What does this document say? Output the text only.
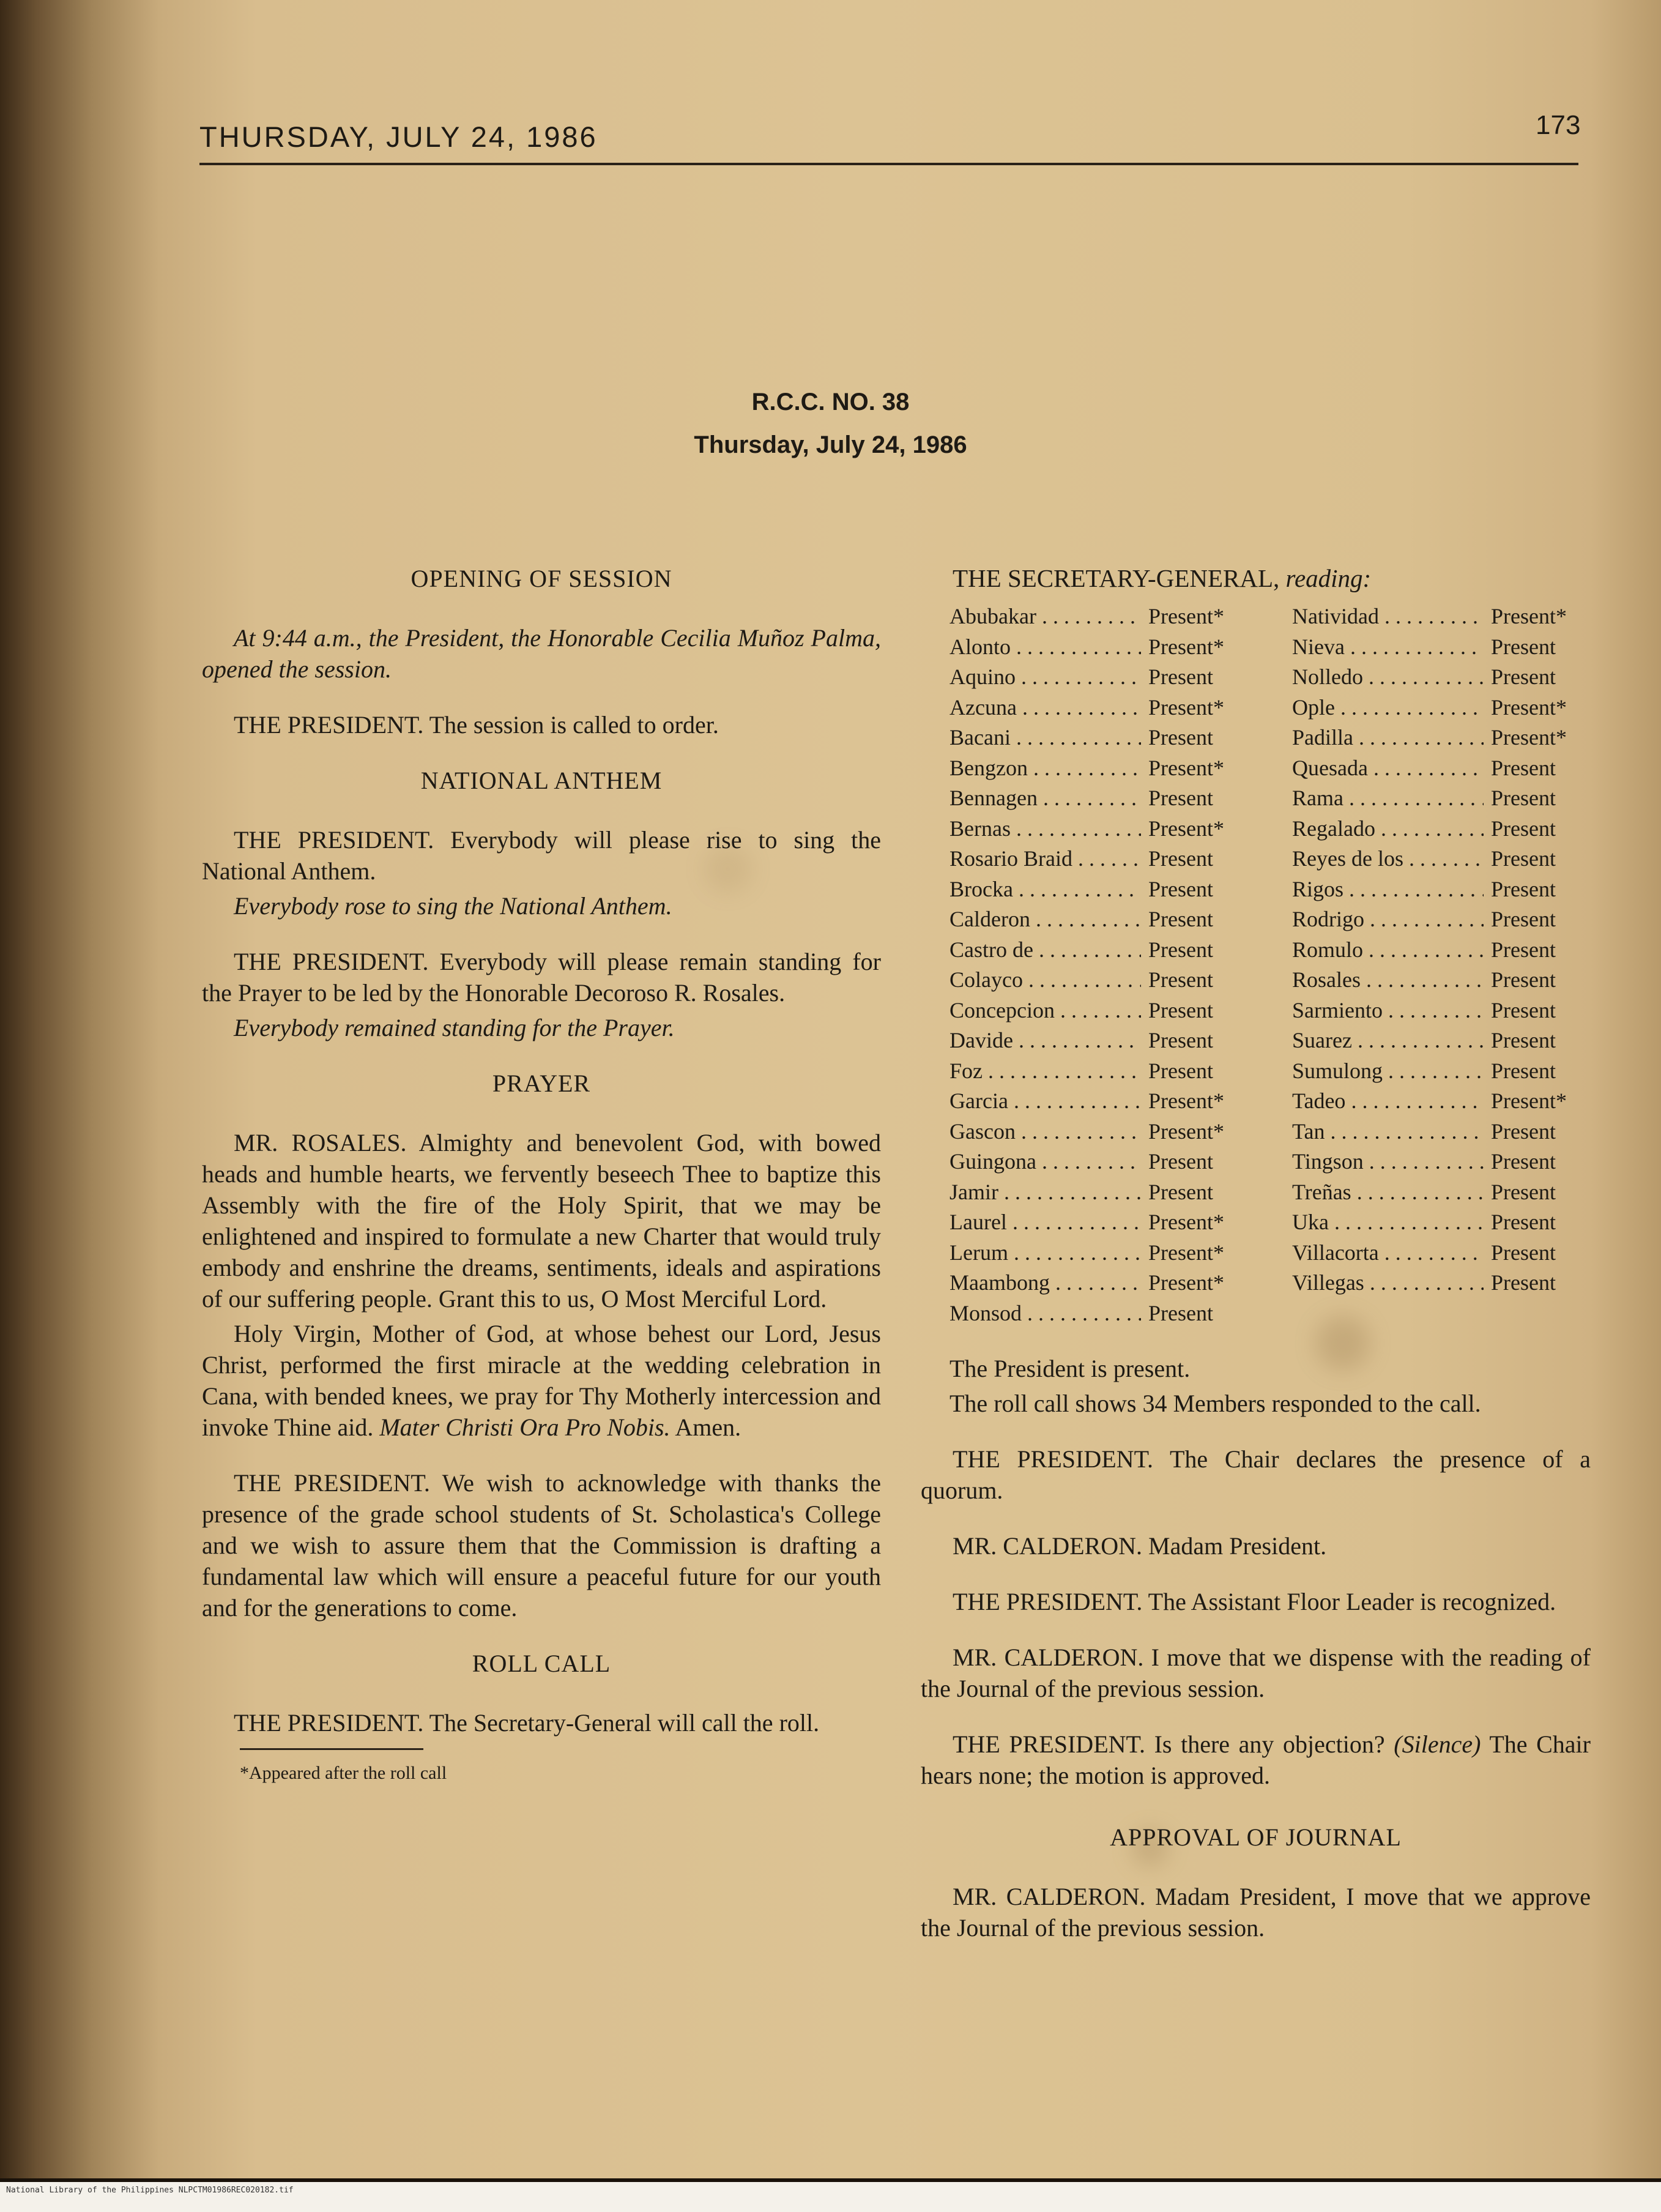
THURSDAY, JULY 24, 1986	173
R.C.C. NO. 38
Thursday, July 24, 1986
OPENING OF SESSION
At 9:44 a.m., the President, the Honorable Cecilia Muñoz Palma, opened the session.
THE PRESIDENT. The session is called to order.
NATIONAL ANTHEM
THE PRESIDENT. Everybody will please rise to sing the National Anthem.
Everybody rose to sing the National Anthem.
THE PRESIDENT. Everybody will please remain standing for the Prayer to be led by the Honorable Decoroso R. Rosales.
Everybody remained standing for the Prayer.
PRAYER
MR. ROSALES. Almighty and benevolent God, with bowed heads and humble hearts, we fervently beseech Thee to baptize this Assembly with the fire of the Holy Spirit, that we may be enlightened and inspired to formulate a new Charter that would truly embody and enshrine the dreams, sentiments, ideals and aspirations of our suffering people. Grant this to us, O Most Merciful Lord.
Holy Virgin, Mother of God, at whose behest our Lord, Jesus Christ, performed the first miracle at the wedding celebration in Cana, with bended knees, we pray for Thy Motherly intercession and invoke Thine aid. Mater Christi Ora Pro Nobis. Amen.
THE PRESIDENT. We wish to acknowledge with thanks the presence of the grade school students of St. Scholastica's College and we wish to assure them that the Commission is drafting a fundamental law which will ensure a peaceful future for our youth and for the generations to come.
ROLL CALL
THE PRESIDENT. The Secretary-General will call the roll.
*Appeared after the roll call
THE SECRETARY-GENERAL, reading:
Abubakar . . .	Present*
Alonto . . .	Present*
Aquino . . .	Present
Azcuna . . .	Present*
Bacani . . .	Present
Bengzon . . .	Present*
Bennagen . . .	Present
Bernas . . .	Present*
Rosario Braid . . .	Present
Brocka . . .	Present
Calderon . . .	Present
Castro de . . .	Present
Colayco . . .	Present
Concepcion . . .	Present
Davide . . .	Present
Foz . . .	Present
Garcia . . .	Present*
Gascon . . .	Present*
Guingona . . .	Present
Jamir . . .	Present
Laurel . . .	Present*
Lerum . . .	Present*
Maambong . . .	Present*
Monsod . . .	Present
Natividad . . .	Present*
Nieva . . .	Present
Nolledo . . .	Present
Ople . . .	Present*
Padilla . . .	Present*
Quesada . . .	Present
Rama . . .	Present
Regalado . . .	Present
Reyes de los . . .	Present
Rigos . . .	Present
Rodrigo . . .	Present
Romulo . . .	Present
Rosales . . .	Present
Sarmiento . . .	Present
Suarez . . .	Present
Sumulong . . .	Present
Tadeo . . .	Present*
Tan . . .	Present
Tingson . . .	Present
Treñas . . .	Present
Uka . . .	Present
Villacorta . . .	Present
Villegas . . .	Present
The President is present.
The roll call shows 34 Members responded to the call.
THE PRESIDENT. The Chair declares the presence of a quorum.
MR. CALDERON. Madam President.
THE PRESIDENT. The Assistant Floor Leader is recognized.
MR. CALDERON. I move that we dispense with the reading of the Journal of the previous session.
THE PRESIDENT. Is there any objection? (Silence) The Chair hears none; the motion is approved.
APPROVAL OF JOURNAL
MR. CALDERON. Madam President, I move that we approve the Journal of the previous session.
National Library of the Philippines NLPCTM01986REC020182.tif
